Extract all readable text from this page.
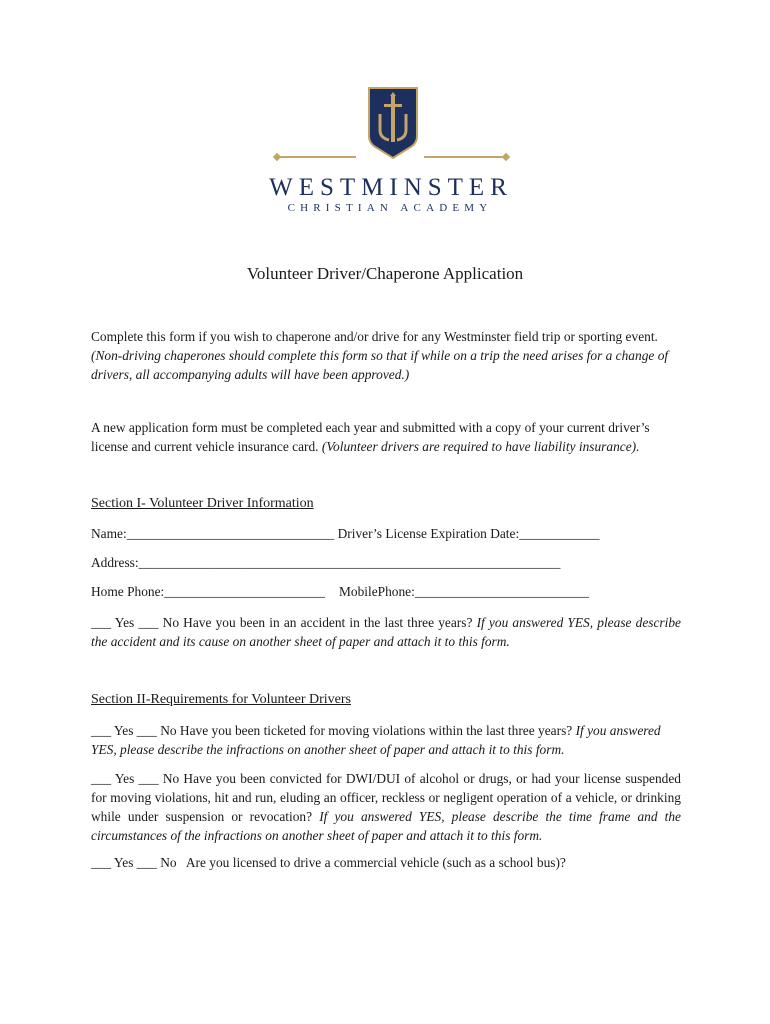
WESTMINSTER
CHRISTIAN ACADEMY
Volunteer Driver/Chaperone Application
Complete this form if you wish to chaperone and/or drive for any Westminster field trip or sporting event. (Non-driving chaperones should complete this form so that if while on a trip the need arises for a change of drivers, all accompanying adults will have been approved.)
A new application form must be completed each year and submitted with a copy of your current driver’s license and current vehicle insurance card. (Volunteer drivers are required to have liability insurance).
Section I- Volunteer Driver Information
Name:_______________________________ Driver’s License Expiration Date:____________
Address:_______________________________________________________________
Home Phone:________________________ MobilePhone:__________________________
___ Yes ___ No Have you been in an accident in the last three years? If you answered YES, please describe the accident and its cause on another sheet of paper and attach it to this form.
Section II-Requirements for Volunteer Drivers
___ Yes ___ No Have you been ticketed for moving violations within the last three years? If you answered YES, please describe the infractions on another sheet of paper and attach it to this form.
___ Yes ___ No Have you been convicted for DWI/DUI of alcohol or drugs, or had your license suspended for moving violations, hit and run, eluding an officer, reckless or negligent operation of a vehicle, or drinking while under suspension or revocation? If you answered YES, please describe the time frame and the circumstances of the infractions on another sheet of paper and attach it to this form.
___ Yes ___ No   Are you licensed to drive a commercial vehicle (such as a school bus)?
